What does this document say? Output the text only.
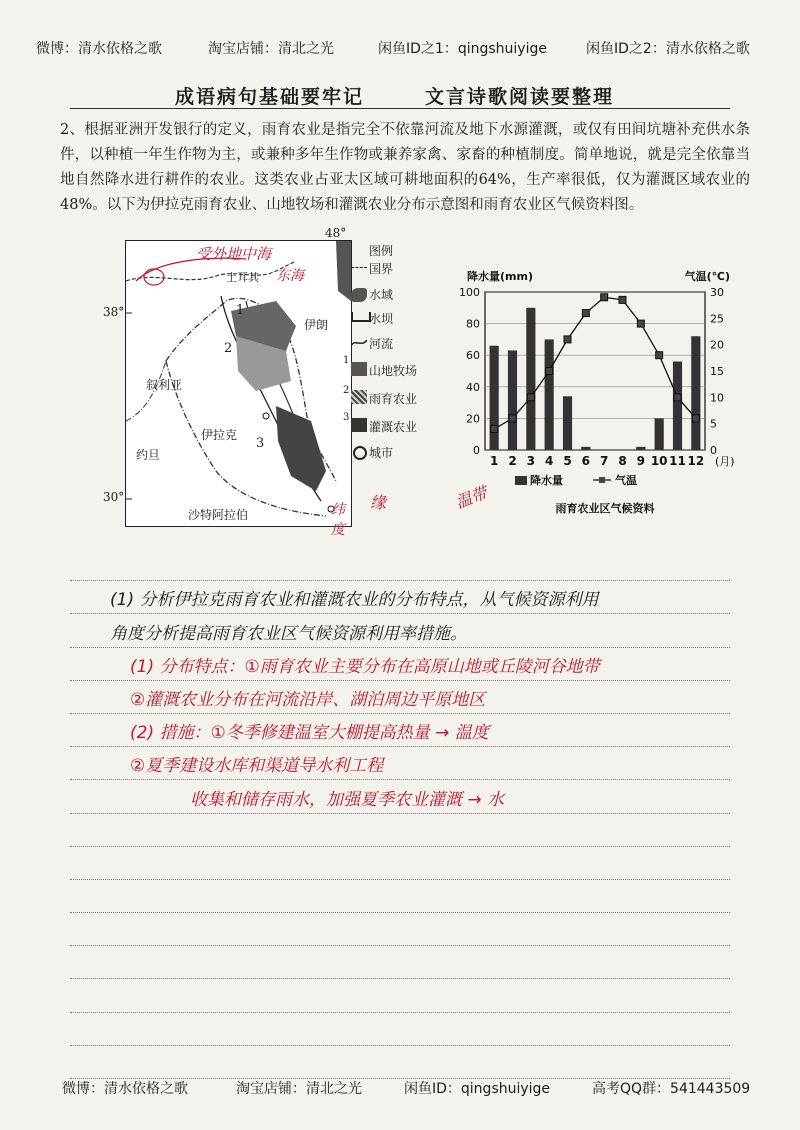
微博：清水依格之歌	淘宝店铺：清北之光	闲鱼ID之1：qingshuiyige	闲鱼ID之2：清水依格之歌
成语病句基础要牢记	文言诗歌阅读要整理
2、根据亚洲开发银行的定义，雨育农业是指完全不依靠河流及地下水源灌溉，或仅有田间坑塘补充供水条件，以种植一年生作物为主，或兼种多年生作物或兼养家禽、家畜的种植制度。简单地说，就是完全依靠当地自然降水进行耕作的农业。这类农业占亚太区域可耕地面积的64%，生产率很低，仅为灌溉区域农业的48%。以下为伊拉克雨育农业、山地牧场和灌溉农业分布示意图和雨育农业区气候资料图。
土耳其
伊朗
叙利亚
伊拉克
约旦
沙特阿拉伯
1
2
3
受外地中海
东海
纬度
38°
30°
48°
图例
国界
水域
水坝
河流
山地牧场
1
雨育农业
2
灌溉农业
3
城市	0
20
40
60
80
100
0
5
10
15
20
25
30
降水量(mm)	气温(℃)
1 2 3 4 5 6 7 8 9 10 11 12 (月)
降水量	气温
雨育农业区气候资料
缘	温带
(1) 分析伊拉克雨育农业和灌溉农业的分布特点，从气候资源利用
角度分析提高雨育农业区气候资源利用率措施。
(1) 分布特点：①雨育农业主要分布在高原山地或丘陵河谷地带
②灌溉农业分布在河流沿岸、湖泊周边平原地区
(2) 措施：①冬季修建温室大棚提高热量 → 温度
②夏季建设水库和渠道导水利工程
收集和储存雨水，加强夏季农业灌溉 → 水
微博：清水依格之歌	淘宝店铺：清北之光	闲鱼ID：qingshuiyige	高考QQ群：541443509
